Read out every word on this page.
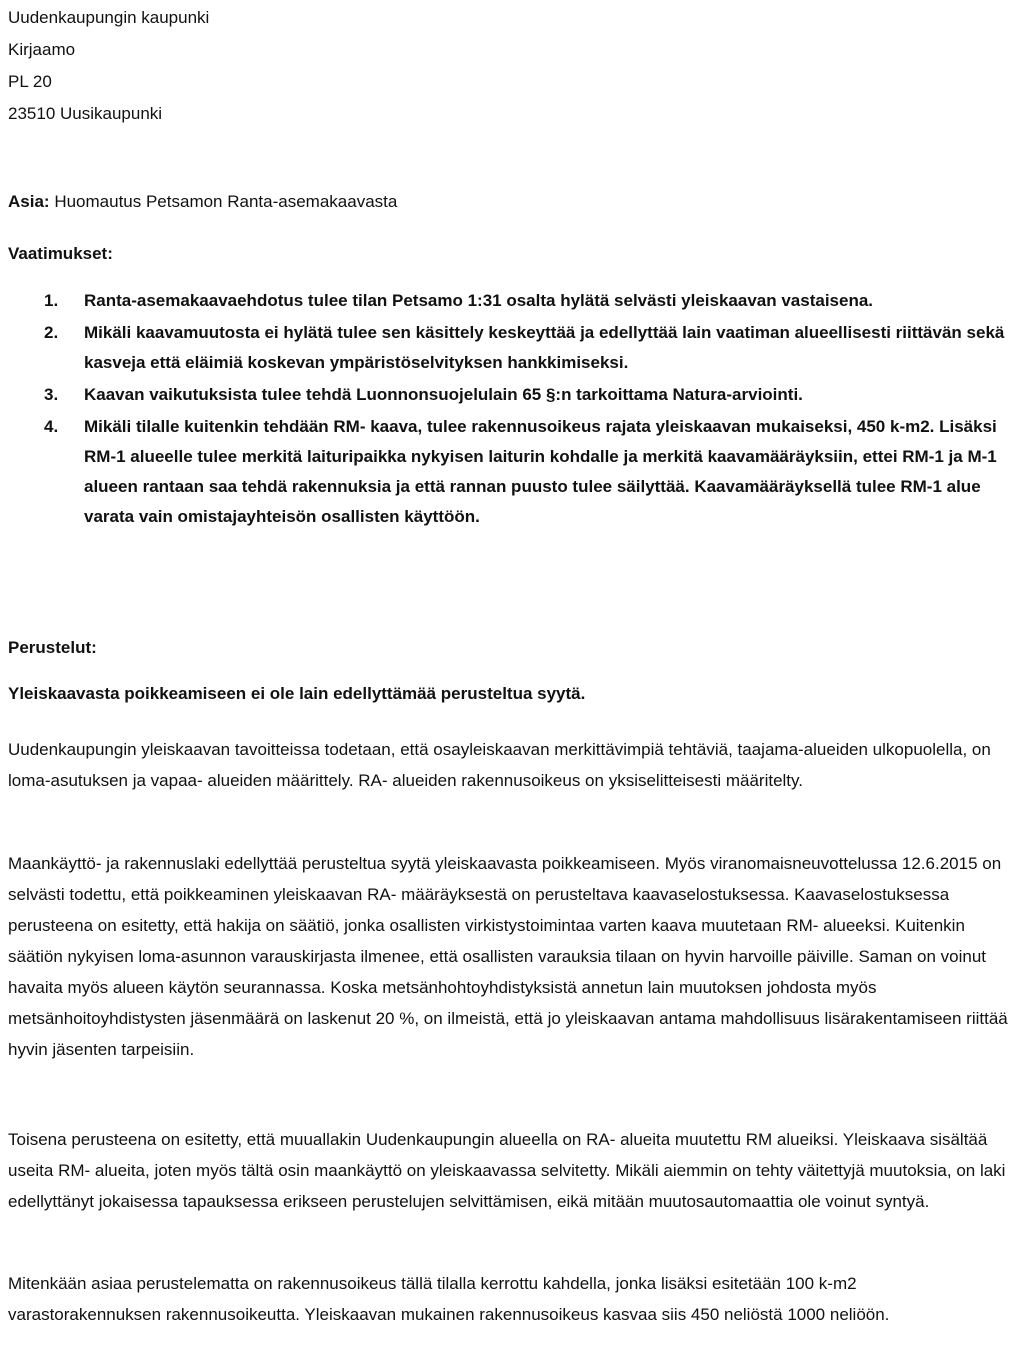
Uudenkaupungin kaupunki
Kirjaamo
PL 20
23510 Uusikaupunki
Asia: Huomautus Petsamon Ranta-asemakaavasta
Vaatimukset:
1. Ranta-asemakaavaehdotus tulee tilan Petsamo 1:31 osalta hylätä selvästi yleiskaavan vastaisena.
2. Mikäli kaavamuutosta ei hylätä tulee sen käsittely keskeyttää ja edellyttää lain vaatiman alueellisesti riittävän sekä kasveja että eläimiä koskevan ympäristöselvityksen hankkimiseksi.
3. Kaavan vaikutuksista tulee tehdä Luonnonsuojelulain 65 §:n tarkoittama Natura-arviointi.
4. Mikäli tilalle kuitenkin tehdään RM- kaava, tulee rakennusoikeus rajata yleiskaavan mukaiseksi, 450 k-m2. Lisäksi RM-1 alueelle tulee merkitä laituripaikka nykyisen laiturin kohdalle ja merkitä kaavamääräyksiin, ettei RM-1 ja M-1 alueen rantaan saa tehdä rakennuksia ja että rannan puusto tulee säilyttää. Kaavamääräyksellä tulee RM-1 alue varata vain omistajayhteisön osallisten käyttöön.
Perustelut:
Yleiskaavasta poikkeamiseen ei ole lain edellyttämää perusteltua syytä.
Uudenkaupungin yleiskaavan tavoitteissa todetaan, että osayleiskaavan merkittävimpiä tehtäviä, taajama-alueiden ulkopuolella, on loma-asutuksen ja vapaa- alueiden määrittely. RA- alueiden rakennusoikeus on yksiselitteisesti määritelty.
Maankäyttö- ja rakennuslaki edellyttää perusteltua syytä yleiskaavasta poikkeamiseen. Myös viranomaisneuvottelussa 12.6.2015 on selvästi todettu, että poikkeaminen yleiskaavan RA- määräyksestä on perusteltava kaavaselostuksessa. Kaavaselostuksessa perusteena on esitetty, että hakija on säätiö, jonka osallisten virkistystoimintaa varten kaava muutetaan RM- alueeksi. Kuitenkin säätiön nykyisen loma-asunnon varauskirjasta ilmenee, että osallisten varauksia tilaan on hyvin harvoille päiville. Saman on voinut havaita myös alueen käytön seurannassa. Koska metsänhohtoyhdistyksistä annetun lain muutoksen johdosta myös metsänhoitoyhdistysten jäsenmäärä on laskenut 20 %, on ilmeistä, että jo yleiskaavan antama mahdollisuus lisärakentamiseen riittää hyvin jäsenten tarpeisiin.
Toisena perusteena on esitetty, että muuallakin Uudenkaupungin alueella on RA- alueita muutettu RM alueiksi. Yleiskaava sisältää useita RM- alueita, joten myös tältä osin maankäyttö on yleiskaavassa selvitetty. Mikäli aiemmin on tehty väitettyjä muutoksia, on laki edellyttänyt jokaisessa tapauksessa erikseen perustelujen selvittämisen, eikä mitään muutosautomaattia ole voinut syntyä.
Mitenkään asiaa perustelematta on rakennusoikeus tällä tilalla kerrottu kahdella, jonka lisäksi esitetään 100 k-m2 varastorakennuksen rakennusoikeutta. Yleiskaavan mukainen rakennusoikeus kasvaa siis 450 neliöstä 1000 neliöön.
